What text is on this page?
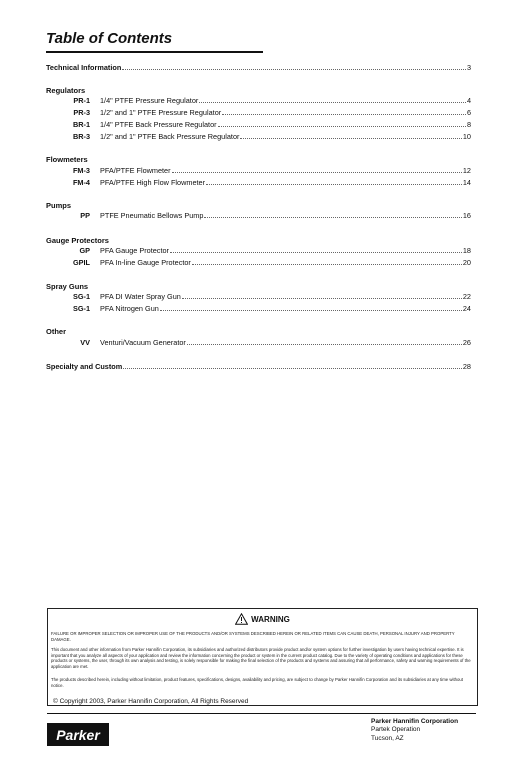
Table of Contents
Technical Information	3
Regulators
PR-1 1/4" PTFE Pressure Regulator	4
PR-3 1/2" and 1" PTFE Pressure Regulator	6
BR-1 1/4" PTFE Back Pressure Regulator	8
BR-3 1/2" and 1" PTFE Back Pressure Regulator	10
Flowmeters
FM-3 PFA/PTFE Flowmeter	12
FM-4 PFA/PTFE High Flow Flowmeter	14
Pumps
PP PTFE Pneumatic Bellows Pump	16
Gauge Protectors
GP PFA Gauge Protector	18
GPIL PFA In-line Gauge Protector	20
Spray Guns
SG-1 PFA DI Water Spray Gun	22
SG-1 PFA Nitrogen Gun	24
Other
VV Venturi/Vacuum Generator	26
Specialty and Custom	28
WARNING
FAILURE OR IMPROPER SELECTION OR IMPROPER USE OF THE PRODUCTS AND/OR SYSTEMS DESCRIBED HEREIN OR RELATED ITEMS CAN CAUSE DEATH, PERSONAL INJURY AND PROPERTY DAMAGE.
This document and other information from Parker Hannifin Corporation, its subsidiaries and authorized distributors provide product and/or system options for further investigation by users having technical expertise. It is important that you analyze all aspects of your application and review the information concerning the product or system in the current product catalog. Due to the variety of operating conditions and applications for these products or systems, the user, through its own analysis and testing, is solely responsible for making the final selection of the products and systems and assuring that all performance, safety and warning requirements of the application are met.
The products described herein, including without limitation, product features, specifications, designs, availability and pricing, are subject to change by Parker Hannifin Corporation and its subsidiaries at any time without notice.
© Copyright 2003, Parker Hannifin Corporation, All Rights Reserved
Parker
Parker Hannifin Corporation
Partek Operation
Tucson, AZ
